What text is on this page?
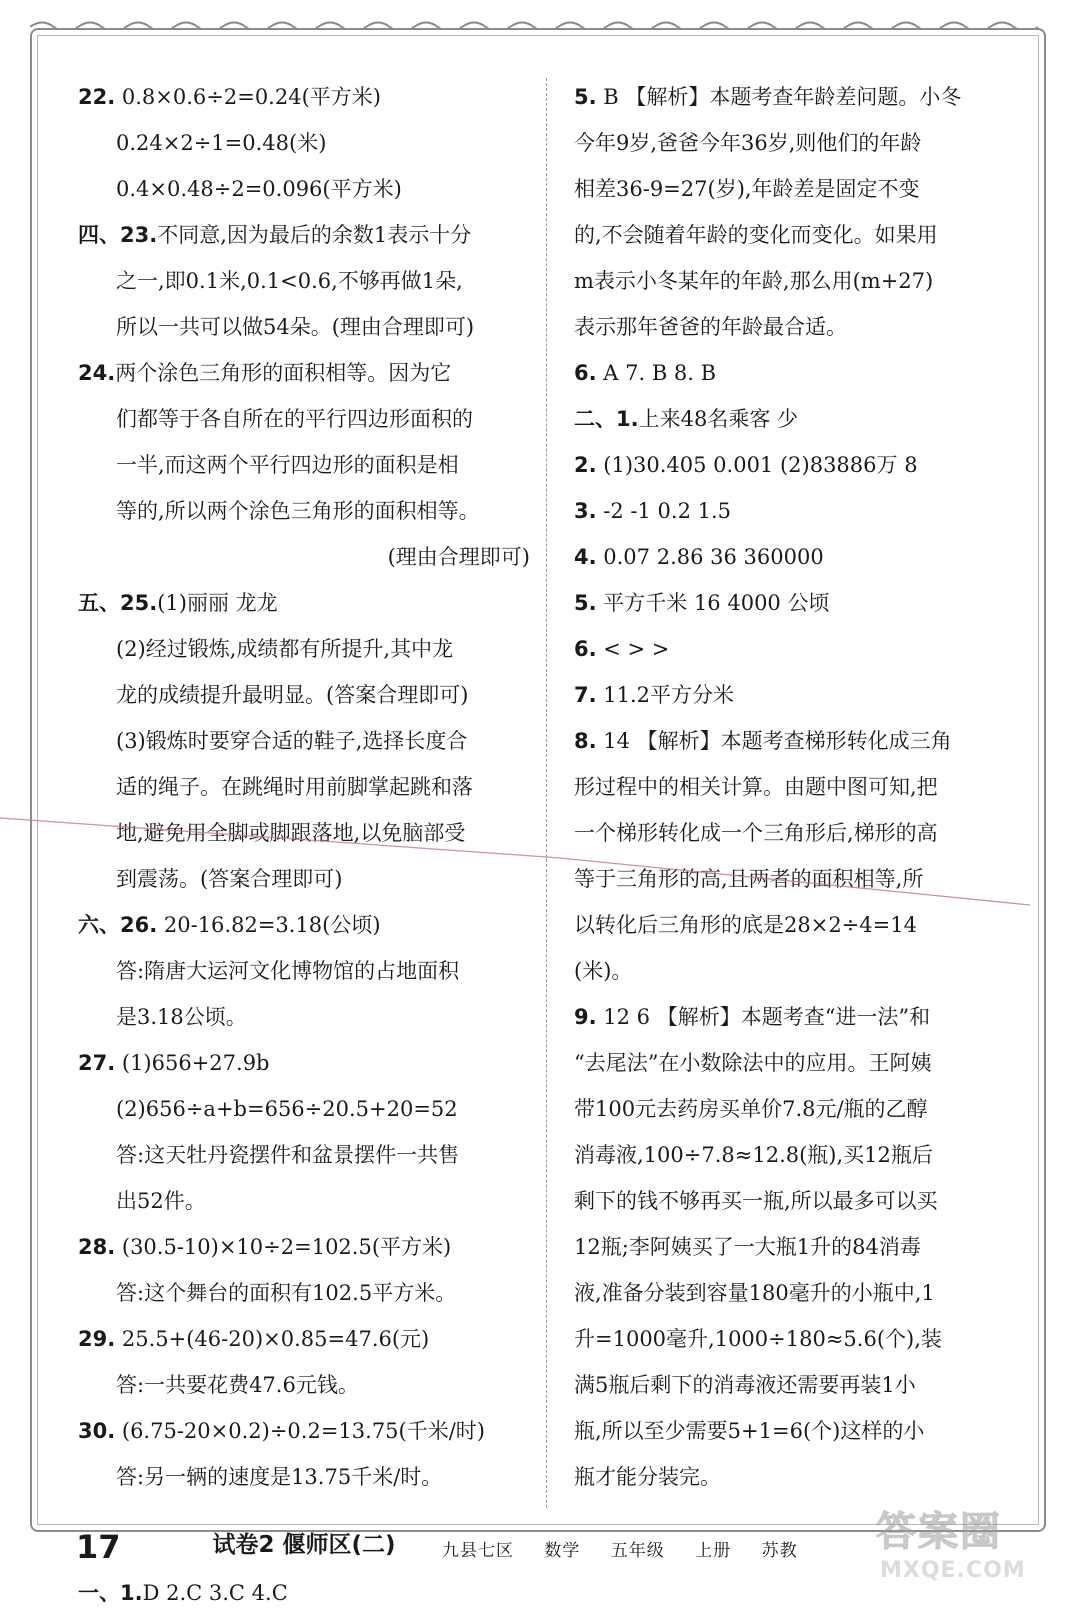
22. 0.8×0.6÷2=0.24(平方米)
0.24×2÷1=0.48(米)
0.4×0.48÷2=0.096(平方米)
四、23.不同意,因为最后的余数1表示十分
之一,即0.1米,0.1<0.6,不够再做1朵,
所以一共可以做54朵。(理由合理即可)
24.两个涂色三角形的面积相等。因为它
们都等于各自所在的平行四边形面积的
一半,而这两个平行四边形的面积是相
等的,所以两个涂色三角形的面积相等。
(理由合理即可)
五、25.(1)丽丽 龙龙
(2)经过锻炼,成绩都有所提升,其中龙
龙的成绩提升最明显。(答案合理即可)
(3)锻炼时要穿合适的鞋子,选择长度合
适的绳子。在跳绳时用前脚掌起跳和落
地,避免用全脚或脚跟落地,以免脑部受
到震荡。(答案合理即可)
六、26. 20-16.82=3.18(公顷)
答:隋唐大运河文化博物馆的占地面积
是3.18公顷。
27. (1)656+27.9b
(2)656÷a+b=656÷20.5+20=52
答:这天牡丹瓷摆件和盆景摆件一共售
出52件。
28. (30.5-10)×10÷2=102.5(平方米)
答:这个舞台的面积有102.5平方米。
29. 25.5+(46-20)×0.85=47.6(元)
答:一共要花费47.6元钱。
30. (6.75-20×0.2)÷0.2=13.75(千米/时)
答:另一辆的速度是13.75千米/时。
试卷2 偃师区(二)
一、1.D 2.C 3.C 4.C
5. B 【解析】本题考查年龄差问题。小冬
今年9岁,爸爸今年36岁,则他们的年龄
相差36-9=27(岁),年龄差是固定不变
的,不会随着年龄的变化而变化。如果用
m表示小冬某年的年龄,那么用(m+27)
表示那年爸爸的年龄最合适。
6. A 7. B 8. B
二、1.上来48名乘客 少
2. (1)30.405 0.001 (2)83886万 8
3. -2 -1 0.2 1.5
4. 0.07 2.86 36 360000
5. 平方千米 16 4000 公顷
6. < > >
7. 11.2平方分米
8. 14 【解析】本题考查梯形转化成三角
形过程中的相关计算。由题中图可知,把
一个梯形转化成一个三角形后,梯形的高
等于三角形的高,且两者的面积相等,所
以转化后三角形的底是28×2÷4=14
(米)。
9. 12 6 【解析】本题考查“进一法”和
“去尾法”在小数除法中的应用。王阿姨
带100元去药房买单价7.8元/瓶的乙醇
消毒液,100÷7.8≈12.8(瓶),买12瓶后
剩下的钱不够再买一瓶,所以最多可以买
12瓶;李阿姨买了一大瓶1升的84消毒
液,准备分装到容量180毫升的小瓶中,1
升=1000毫升,1000÷180≈5.6(个),装
满5瓶后剩下的消毒液还需要再装1小
瓶,所以至少需要5+1=6(个)这样的小
瓶才能分装完。
17	九县七区 数学 五年级 上册 苏教	答案圈
MXQE.COM
